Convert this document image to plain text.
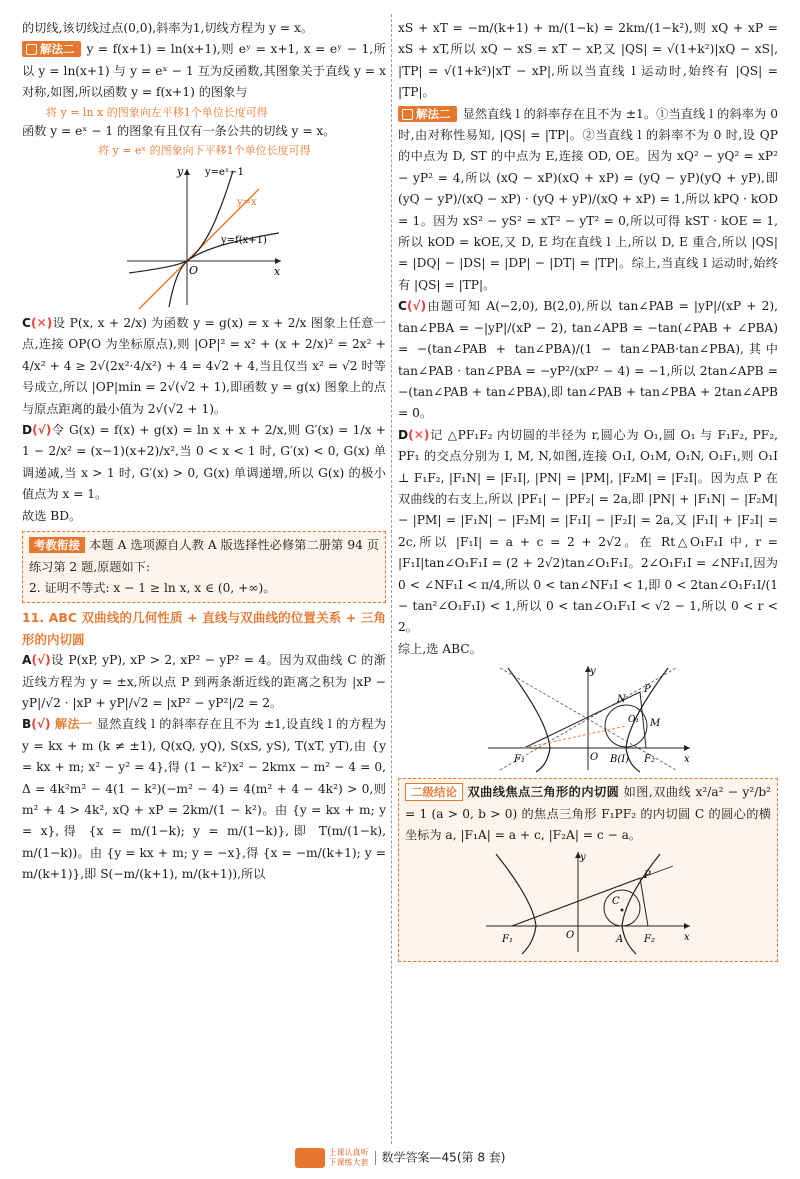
的切线,该切线过点(0,0),斜率为1,切线方程为 y = x。

解法二 y = f(x+1) = ln(x+1),则 eʸ = x+1, x = eʸ − 1,所以 y = ln(x+1) 与 y = eˣ − 1 互为反函数,其图象关于直线 y = x 对称,如图,所以函数 y = f(x+1) 的图象与

将 y = ln x 的图象向左平移1个单位长度可得

函数 y = eˣ − 1 的图象有且仅有一条公共的切线 y = x。

将 y = eˣ 的图象向下平移1个单位长度可得

y=eˣ−1
y=x
y=f(x+1)
x
y
O

C(✕)设 P(x, x + 2/x) 为函数 y = g(x) = x + 2/x 图象上任意一点,连接 OP(O 为坐标原点),则 |OP|² = x² + (x + 2/x)² = 2x² + 4/x² + 4 ≥ 2√(2x²·4/x²) + 4 = 4√2 + 4,当且仅当 x² = √2 时等号成立,所以 |OP|min = 2√(√2 + 1),即函数 y = g(x) 图象上的点与原点距离的最小值为 2√(√2 + 1)。

D(√)令 G(x) = f(x) + g(x) = ln x + x + 2/x,则 G′(x) = 1/x + 1 − 2/x² = (x−1)(x+2)/x²,当 0 < x < 1 时, G′(x) < 0, G(x) 单调递减,当 x > 1 时, G′(x) > 0, G(x) 单调递增,所以 G(x) 的极小值点为 x = 1。

故选 BD。

考教衔接 本题 A 选项源自人教 A 版选择性必修第二册第 94 页练习第 2 题,原题如下:

2. 证明不等式: x − 1 ≥ ln x, x ∈ (0, +∞)。

11. ABC 双曲线的几何性质 + 直线与双曲线的位置关系 + 三角形的内切圆

A(√)设 P(xP, yP), xP > 2, xP² − yP² = 4。因为双曲线 C 的渐近线方程为 y = ±x,所以点 P 到两条渐近线的距离之积为 |xP − yP|/√2 · |xP + yP|/√2 = |xP² − yP²|/2 = 2。

B(√) 解法一 显然直线 l 的斜率存在且不为 ±1,设直线 l 的方程为 y = kx + m (k ≠ ±1), Q(xQ, yQ), S(xS, yS), T(xT, yT),由 {y = kx + m; x² − y² = 4},得 (1 − k²)x² − 2kmx − m² − 4 = 0, Δ = 4k²m² − 4(1 − k²)(−m² − 4) = 4(m² + 4 − 4k²) > 0,则 m² + 4 > 4k², xQ + xP = 2km/(1 − k²)。由 {y = kx + m; y = x},得 {x = m/(1−k); y = m/(1−k)},即 T(m/(1−k), m/(1−k))。由 {y = kx + m; y = −x},得 {x = −m/(k+1); y = m/(k+1)},即 S(−m/(k+1), m/(k+1)),所以

xS + xT = −m/(k+1) + m/(1−k) = 2km/(1−k²),则 xQ + xP = xS + xT,所以 xQ − xS = xT − xP,又 |QS| = √(1+k²)|xQ − xS|, |TP| = √(1+k²)|xT − xP|,所以当直线 l 运动时,始终有 |QS| = |TP|。

解法二 显然直线 l 的斜率存在且不为 ±1。①当直线 l 的斜率为 0 时,由对称性易知, |QS| = |TP|。②当直线 l 的斜率不为 0 时,设 QP 的中点为 D, ST 的中点为 E,连接 OD, OE。因为 xQ² − yQ² = xP² − yP² = 4,所以 (xQ − xP)(xQ + xP) = (yQ − yP)(yQ + yP),即 (yQ − yP)/(xQ − xP) · (yQ + yP)/(xQ + xP) = 1,所以 kPQ · kOD = 1。因为 xS² − yS² = xT² − yT² = 0,所以可得 kST · kOE = 1,所以 kOD = kOE,又 D, E 均在直线 l 上,所以 D, E 重合,所以 |QS| = |DQ| − |DS| = |DP| − |DT| = |TP|。综上,当直线 l 运动时,始终有 |QS| = |TP|。

C(√)由题可知 A(−2,0), B(2,0),所以 tan∠PAB = |yP|/(xP + 2), tan∠PBA = −|yP|/(xP − 2), tan∠APB = −tan(∠PAB + ∠PBA) = −(tan∠PAB + tan∠PBA)/(1 − tan∠PAB·tan∠PBA),其中 tan∠PAB · tan∠PBA = −yP²/(xP² − 4) = −1,所以 2tan∠APB = −(tan∠PAB + tan∠PBA),即 tan∠PAB + tan∠PBA + 2tan∠APB = 0。

D(✕)记 △PF₁F₂ 内切圆的半径为 r,圆心为 O₁,圆 O₁ 与 F₁F₂, PF₂, PF₁ 的交点分别为 I, M, N,如图,连接 O₁I, O₁M, O₁N, O₁F₁,则 O₁I ⊥ F₁F₂, |F₁N| = |F₁I|, |PN| = |PM|, |F₂M| = |F₂I|。因为点 P 在双曲线的右支上,所以 |PF₁| − |PF₂| = 2a,即 |PN| + |F₁N| − |F₂M| − |PM| = |F₁N| − |F₂M| = |F₁I| − |F₂I| = 2a,又 |F₁I| + |F₂I| = 2c,所以 |F₁I| = a + c = 2 + 2√2。在 Rt△O₁F₁I 中, r = |F₁I|tan∠O₁F₁I = (2 + 2√2)tan∠O₁F₁I。2∠O₁F₁I = ∠NF₁I,因为 0 < ∠NF₁I < π/4,所以 0 < tan∠NF₁I < 1,即 0 < 2tan∠O₁F₁I/(1 − tan²∠O₁F₁I) < 1,所以 0 < tan∠O₁F₁I < √2 − 1,所以 0 < r < 2。

综上,选 ABC。

y
x
O
P
N
O₁ M
F₁	F₂
B(I)

二级结论 双曲线焦点三角形的内切圆 如图,双曲线 x²/a² − y²/b² = 1 (a > 0, b > 0) 的焦点三角形 F₁PF₂ 的内切圆 C 的圆心的横坐标为 a, |F₁A| = a + c, |F₂A| = c − a。

y
x
O
P
C
F₁	F₂
A
上课认真听
下课练大套 数学答案—45(第 8 套)
